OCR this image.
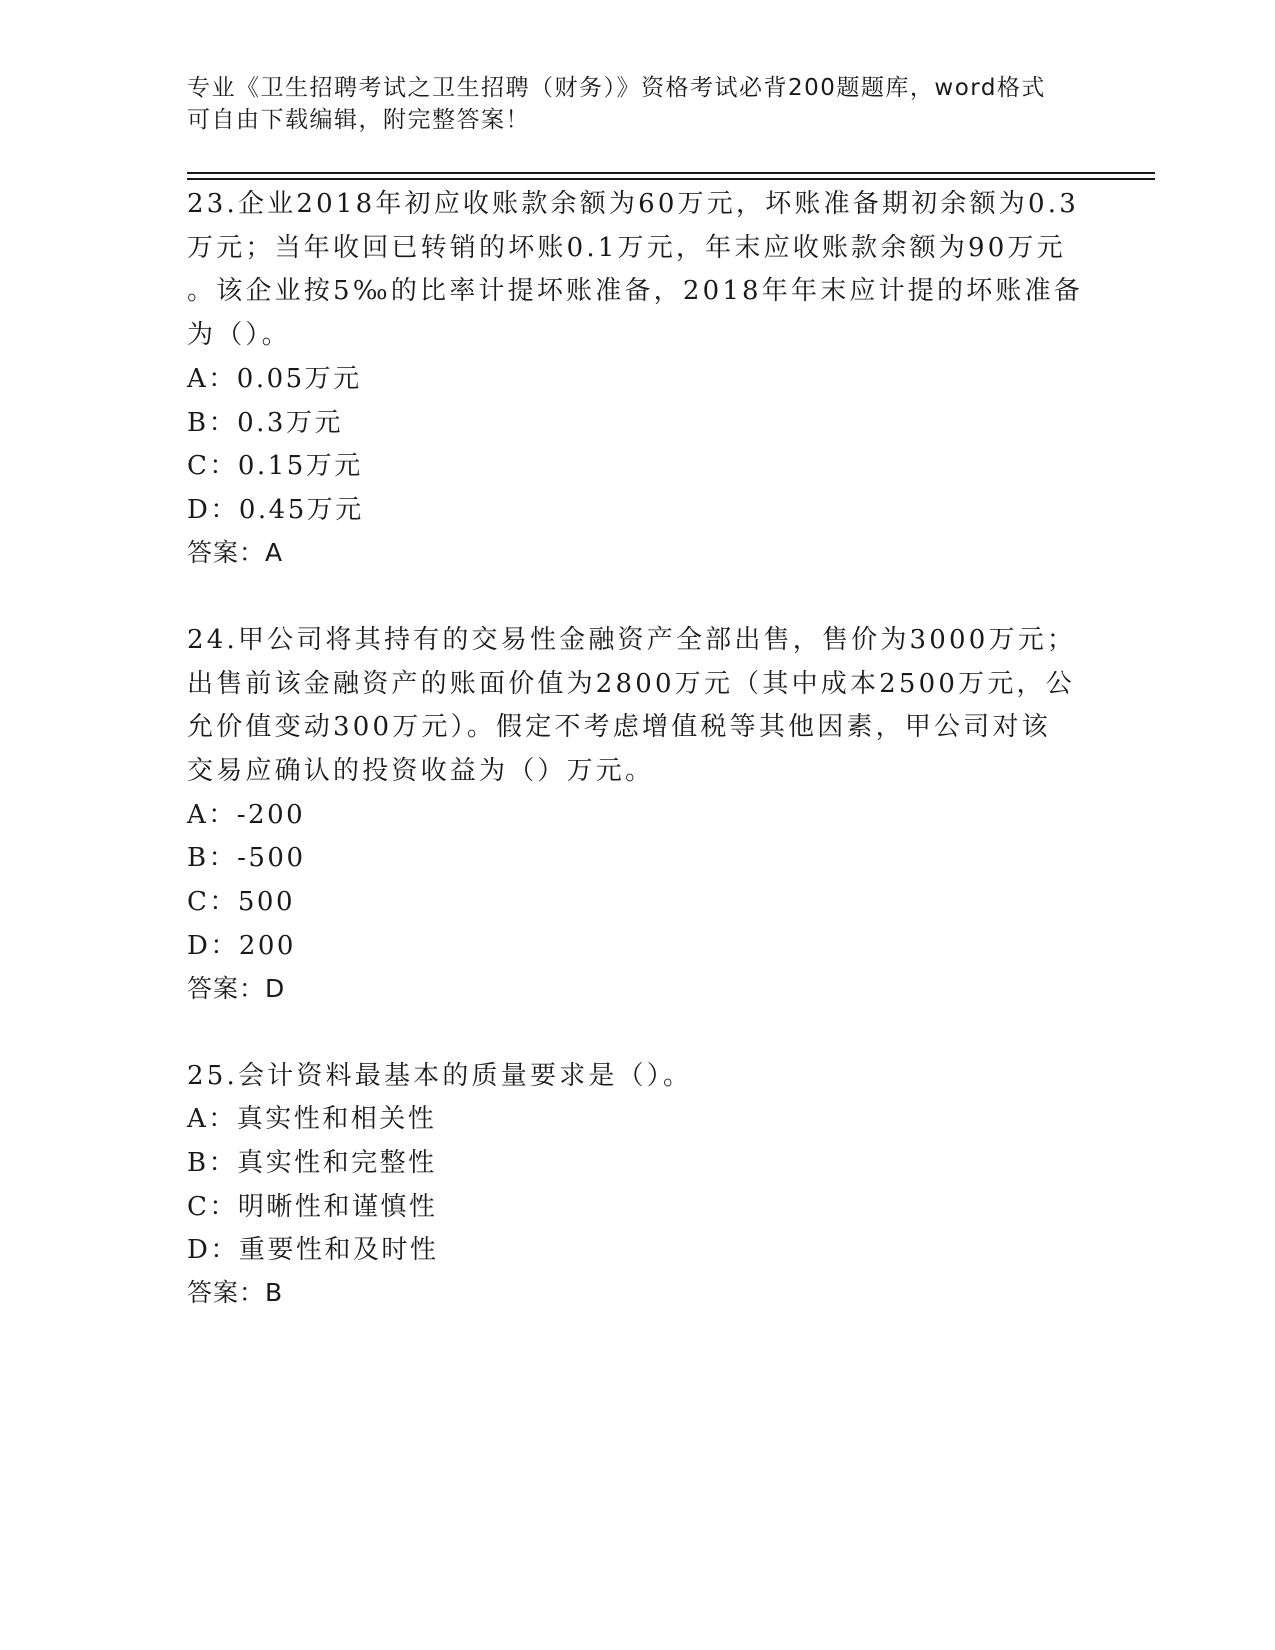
专业《卫生招聘考试之卫生招聘（财务）》资格考试必背200题题库，word格式
可自由下载编辑，附完整答案！
23.企业2018年初应收账款余额为60万元，坏账准备期初余额为0.3
万元；当年收回已转销的坏账0.1万元，年末应收账款余额为90万元
。该企业按5‰的比率计提坏账准备，2018年年末应计提的坏账准备
为（）。
A：0.05万元
B：0.3万元
C：0.15万元
D：0.45万元
答案：A
24.甲公司将其持有的交易性金融资产全部出售，售价为3000万元；
出售前该金融资产的账面价值为2800万元（其中成本2500万元，公
允价值变动300万元）。假定不考虑增值税等其他因素，甲公司对该
交易应确认的投资收益为（）万元。
A：-200
B：-500
C：500
D：200
答案：D
25.会计资料最基本的质量要求是（）。
A：真实性和相关性
B：真实性和完整性
C：明晰性和谨慎性
D：重要性和及时性
答案：B
